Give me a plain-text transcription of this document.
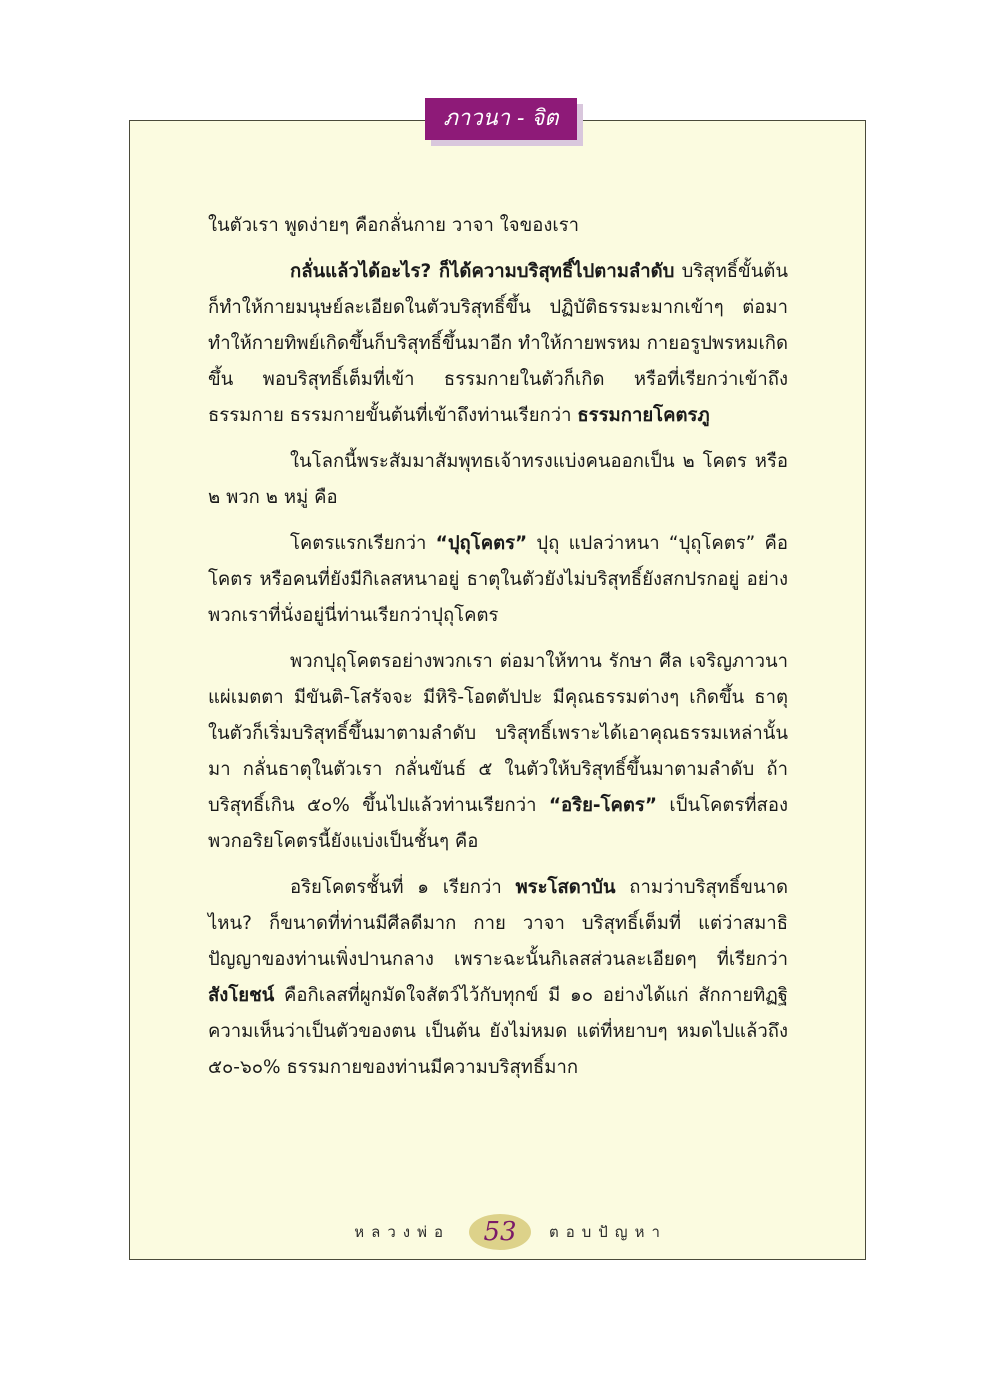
ภาวนา - จิต

ในตัวเรา พูดง่ายๆ คือกลั่นกาย วาจา ใจของเรา

กลั่นแล้วได้อะไร? ก็ได้ความบริสุทธิ์ไปตามลำดับ บริสุทธิ์ขั้นต้นก็ทำให้กายมนุษย์ละเอียดในตัวบริสุทธิ์ขึ้น ปฏิบัติธรรมะมากเข้าๆ ต่อมาทำให้กายทิพย์เกิดขึ้นก็บริสุทธิ์ขึ้นมาอีก ทำให้กายพรหม กายอรูปพรหมเกิดขึ้น พอบริสุทธิ์เต็มที่เข้า ธรรมกายในตัวก็เกิด หรือที่เรียกว่าเข้าถึงธรรมกาย ธรรมกายขั้นต้นที่เข้าถึงท่านเรียกว่า ธรรมกายโคตรภู

ในโลกนี้พระสัมมาสัมพุทธเจ้าทรงแบ่งคนออกเป็น ๒ โคตร หรือ ๒ พวก ๒ หมู่ คือ

โคตรแรกเรียกว่า “ปุถุโคตร” ปุถุ แปลว่าหนา “ปุถุโคตร” คือโคตร หรือคนที่ยังมีกิเลสหนาอยู่ ธาตุในตัวยังไม่บริสุทธิ์ยังสกปรกอยู่ อย่างพวกเราที่นั่งอยู่นี่ท่านเรียกว่าปุถุโคตร

พวกปุถุโคตรอย่างพวกเรา ต่อมาให้ทาน รักษา ศีล เจริญภาวนา แผ่เมตตา มีขันติ-โสรัจจะ มีหิริ-โอตตัปปะ มีคุณธรรมต่างๆ เกิดขึ้น ธาตุในตัวก็เริ่มบริสุทธิ์ขึ้นมาตามลำดับ บริสุทธิ์เพราะได้เอาคุณธรรมเหล่านั้นมา กลั่นธาตุในตัวเรา กลั่นขันธ์ ๕ ในตัวให้บริสุทธิ์ขึ้นมาตามลำดับ ถ้าบริสุทธิ์เกิน ๕๐% ขึ้นไปแล้วท่านเรียกว่า “อริย-โคตร” เป็นโคตรที่สอง พวกอริยโคตรนี้ยังแบ่งเป็นชั้นๆ คือ

อริยโคตรชั้นที่ ๑ เรียกว่า พระโสดาบัน ถามว่าบริสุทธิ์ขนาดไหน? ก็ขนาดที่ท่านมีศีลดีมาก กาย วาจา บริสุทธิ์เต็มที่ แต่ว่าสมาธิ ปัญญาของท่านเพิ่งปานกลาง เพราะฉะนั้นกิเลสส่วนละเอียดๆ ที่เรียกว่า สังโยชน์ คือกิเลสที่ผูกมัดใจสัตว์ไว้กับทุกข์ มี ๑๐ อย่างได้แก่ สักกายทิฏฐิ ความเห็นว่าเป็นตัวของตน เป็นต้น ยังไม่หมด แต่ที่หยาบๆ หมดไปแล้วถึง ๕๐-๖๐% ธรรมกายของท่านมีความบริสุทธิ์มาก

หลวงพ่อ	53	ตอบปัญหา
